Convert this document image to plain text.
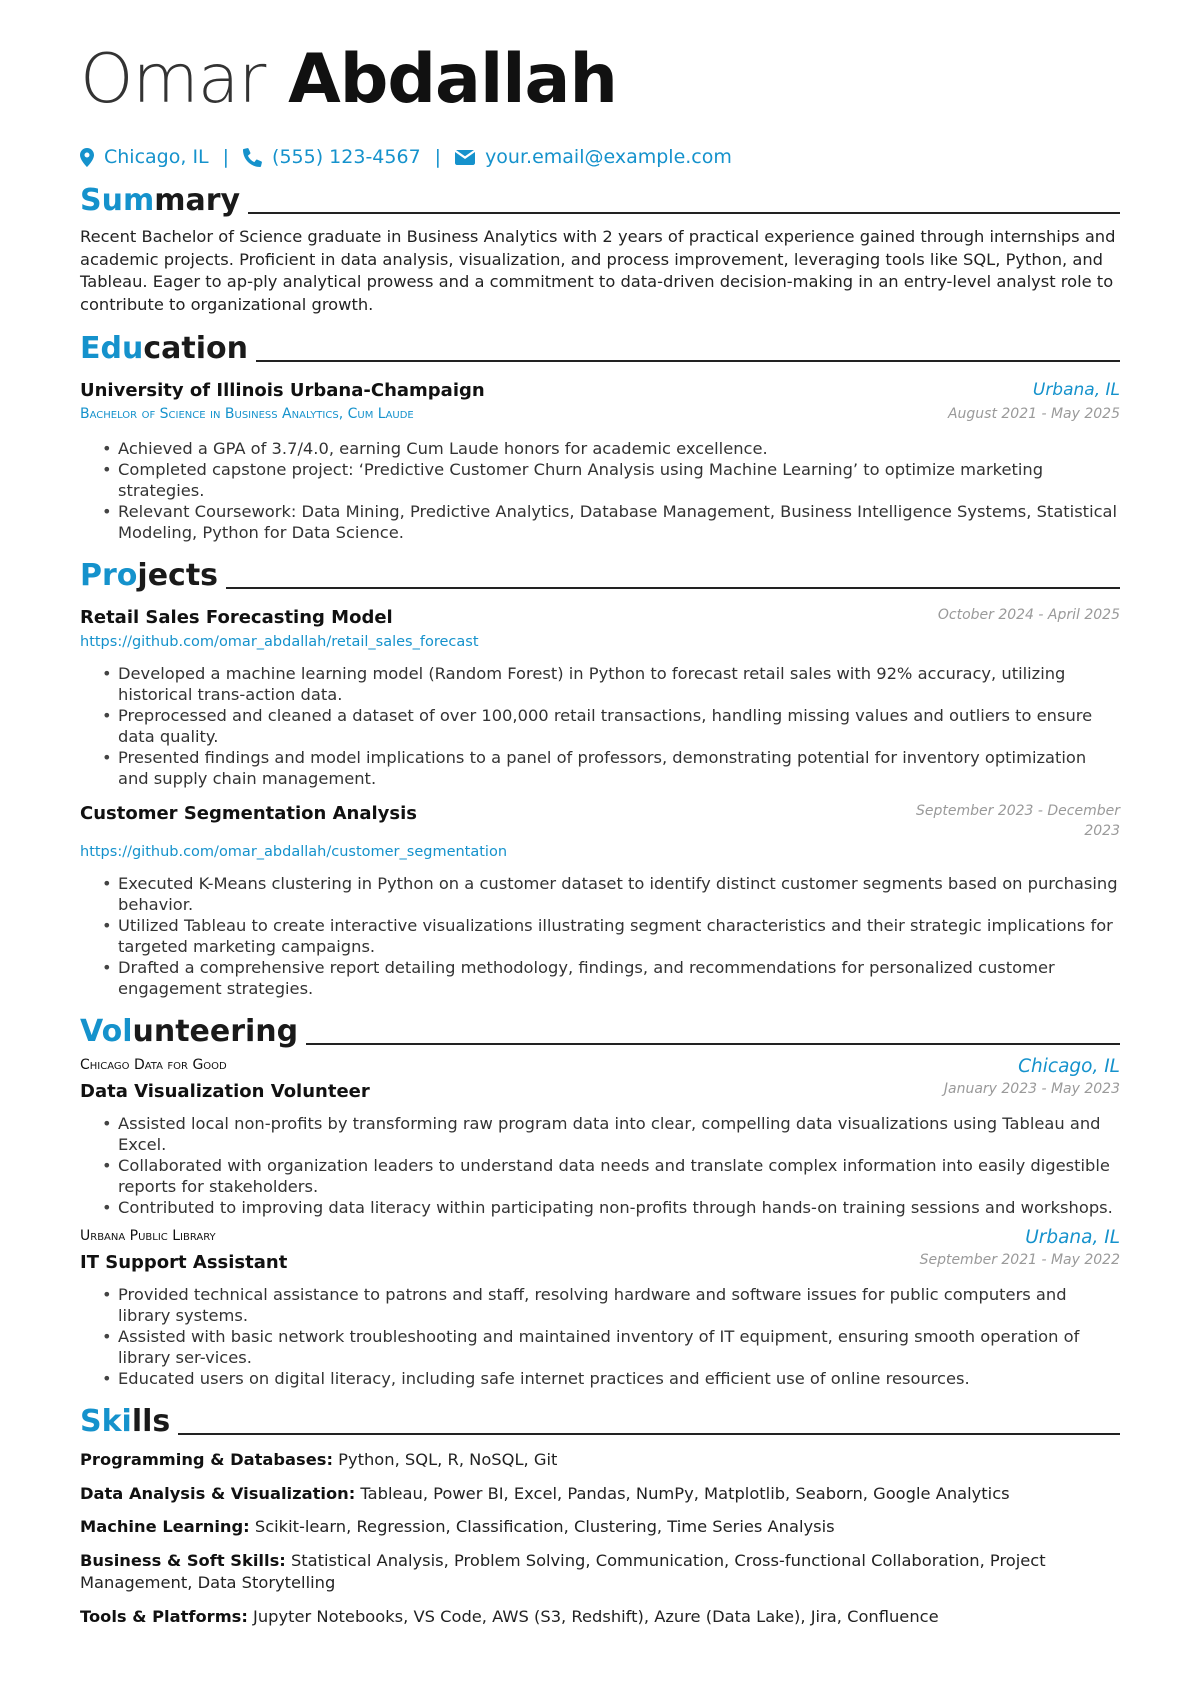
Omar Abdallah
Chicago, IL | (555) 123-4567 | your.email@example.com
Summary

Recent Bachelor of Science graduate in Business Analytics with 2 years of practical experience gained through internships and academic projects. Proficient in data analysis, visualization, and process improvement, leveraging tools like SQL, Python, and Tableau. Eager to ap-ply analytical prowess and a commitment to data-driven decision-making in an entry-level analyst role to contribute to organizational growth.

Education
University of Illinois Urbana-Champaign	Urbana, IL
Bachelor of Science in Business Analytics, Cum Laude	August 2021 - May 2025
• Achieved a GPA of 3.7/4.0, earning Cum Laude honors for academic excellence.
• Completed capstone project: ‘Predictive Customer Churn Analysis using Machine Learning’ to optimize marketing strategies.
• Relevant Coursework: Data Mining, Predictive Analytics, Database Management, Business Intelligence Systems, Statistical Modeling, Python for Data Science.
Projects
Retail Sales Forecasting Model	October 2024 - April 2025
https://github.com/omar_abdallah/retail_sales_forecast
• Developed a machine learning model (Random Forest) in Python to forecast retail sales with 92% accuracy, utilizing historical trans-action data.
• Preprocessed and cleaned a dataset of over 100,000 retail transactions, handling missing values and outliers to ensure data quality.
• Presented findings and model implications to a panel of professors, demonstrating potential for inventory optimization and supply chain management.
Customer Segmentation Analysis	September 2023 - December
2023
https://github.com/omar_abdallah/customer_segmentation
• Executed K-Means clustering in Python on a customer dataset to identify distinct customer segments based on purchasing behavior.
• Utilized Tableau to create interactive visualizations illustrating segment characteristics and their strategic implications for targeted marketing campaigns.
• Drafted a comprehensive report detailing methodology, findings, and recommendations for personalized customer engagement strategies.
Volunteering
Chicago Data for Good	Chicago, IL
Data Visualization Volunteer	January 2023 - May 2023
• Assisted local non-profits by transforming raw program data into clear, compelling data visualizations using Tableau and Excel.
• Collaborated with organization leaders to understand data needs and translate complex information into easily digestible reports for stakeholders.
• Contributed to improving data literacy within participating non-profits through hands-on training sessions and workshops.
Urbana Public Library	Urbana, IL
IT Support Assistant	September 2021 - May 2022
• Provided technical assistance to patrons and staff, resolving hardware and software issues for public computers and library systems.
• Assisted with basic network troubleshooting and maintained inventory of IT equipment, ensuring smooth operation of library ser-vices.
• Educated users on digital literacy, including safe internet practices and efficient use of online resources.
Skills

Programming & Databases: Python, SQL, R, NoSQL, Git

Data Analysis & Visualization: Tableau, Power BI, Excel, Pandas, NumPy, Matplotlib, Seaborn, Google Analytics

Machine Learning: Scikit-learn, Regression, Classification, Clustering, Time Series Analysis

Business & Soft Skills: Statistical Analysis, Problem Solving, Communication, Cross-functional Collaboration, Project Management, Data Storytelling

Tools & Platforms: Jupyter Notebooks, VS Code, AWS (S3, Redshift), Azure (Data Lake), Jira, Confluence
